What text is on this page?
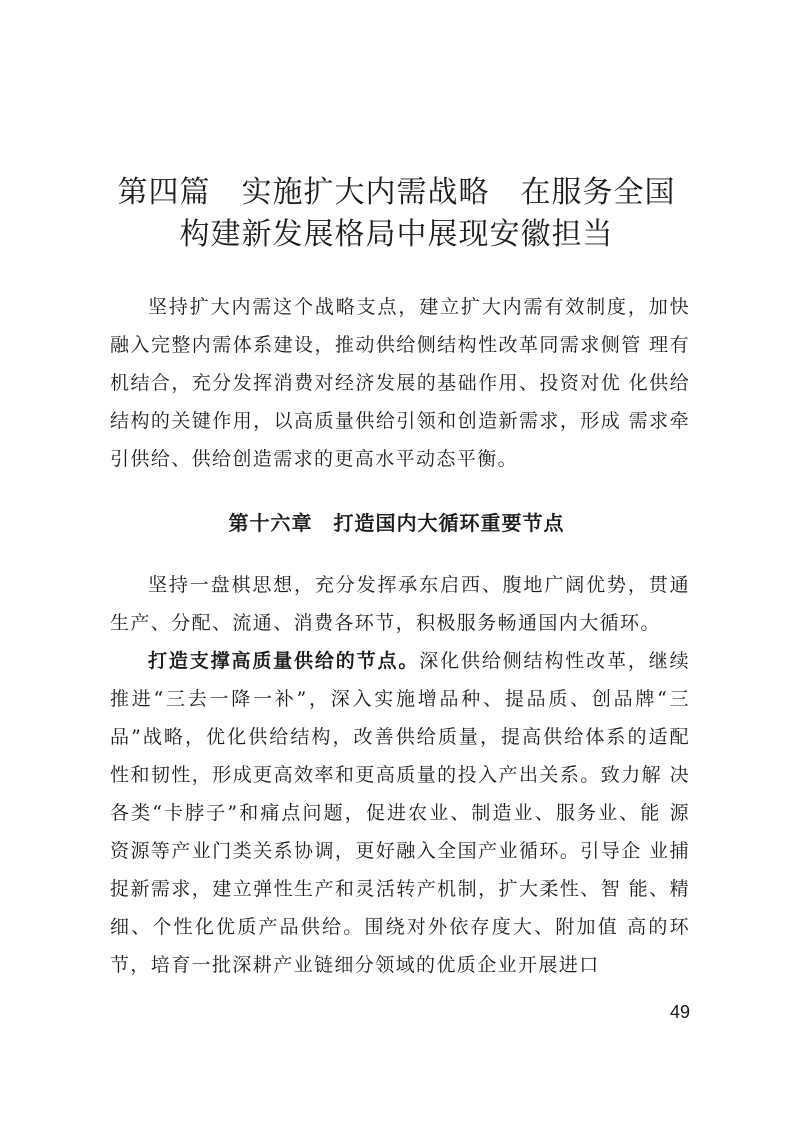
第四篇　实施扩大内需战略　在服务全国
构建新发展格局中展现安徽担当

坚持扩大内需这个战略支点，建立扩大内需有效制度，加快融入完整内需体系建设，推动供给侧结构性改革同需求侧管 理有机结合，充分发挥消费对经济发展的基础作用、投资对优 化供给结构的关键作用，以高质量供给引领和创造新需求，形成 需求牵引供给、供给创造需求的更高水平动态平衡。

第十六章　打造国内大循环重要节点

坚持一盘棋思想，充分发挥承东启西、腹地广阔优势，贯通生产、分配、流通、消费各环节，积极服务畅通国内大循环。

打造支撑高质量供给的节点。深化供给侧结构性改革，继续推进“三去一降一补”，深入实施增品种、提品质、创品牌“三品”战略，优化供给结构，改善供给质量，提高供给体系的适配性和韧性，形成更高效率和更高质量的投入产出关系。致力解 决各类“卡脖子”和痛点问题，促进农业、制造业、服务业、能 源资源等产业门类关系协调，更好融入全国产业循环。引导企 业捕捉新需求，建立弹性生产和灵活转产机制，扩大柔性、智 能、精细、个性化优质产品供给。围绕对外依存度大、附加值 高的环节，培育一批深耕产业链细分领域的优质企业开展进口

49
